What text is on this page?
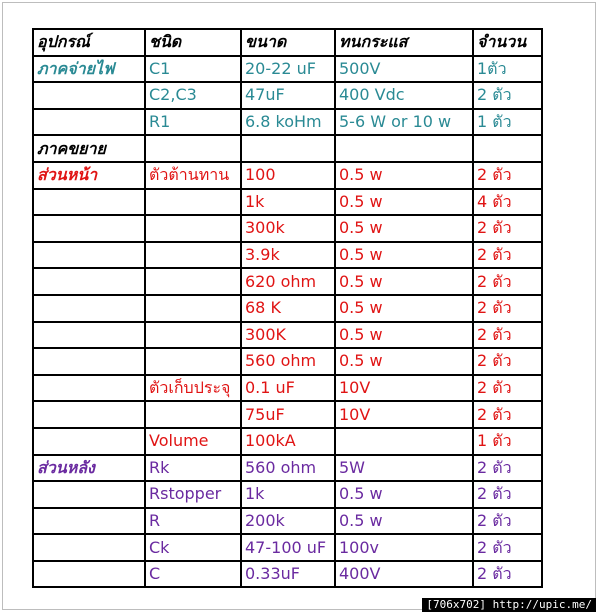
อุปกรณ์	ชนิด	ขนาด	ทนกระแส	จำนวน
ภาคจ่ายไฟ	C1	20-22 uF	500V	1ตัว
	C2,C3	47uF	400 Vdc	2 ตัว
	R1	6.8 koHm	5-6 W or 10 w	1 ตัว
ภาคขยาย				
ส่วนหน้า	ตัวต้านทาน	100	0.5 w	2 ตัว
		1k	0.5 w	4 ตัว
		300k	0.5 w	2 ตัว
		3.9k	0.5 w	2 ตัว
		620 ohm	0.5 w	2 ตัว
		68 K	0.5 w	2 ตัว
		300K	0.5 w	2 ตัว
		560 ohm	0.5 w	2 ตัว
	ตัวเก็บประจุ	0.1 uF	10V	2 ตัว
		75uF	10V	2 ตัว
	Volume	100kA		1 ตัว
ส่วนหลัง	Rk	560 ohm	5W	2 ตัว
	Rstopper	1k	0.5 w	2 ตัว
	R	200k	0.5 w	2 ตัว
	Ck	47-100 uF	100v	2 ตัว
	C	0.33uF	400V	2 ตัว
[706x702] http://upic.me/
